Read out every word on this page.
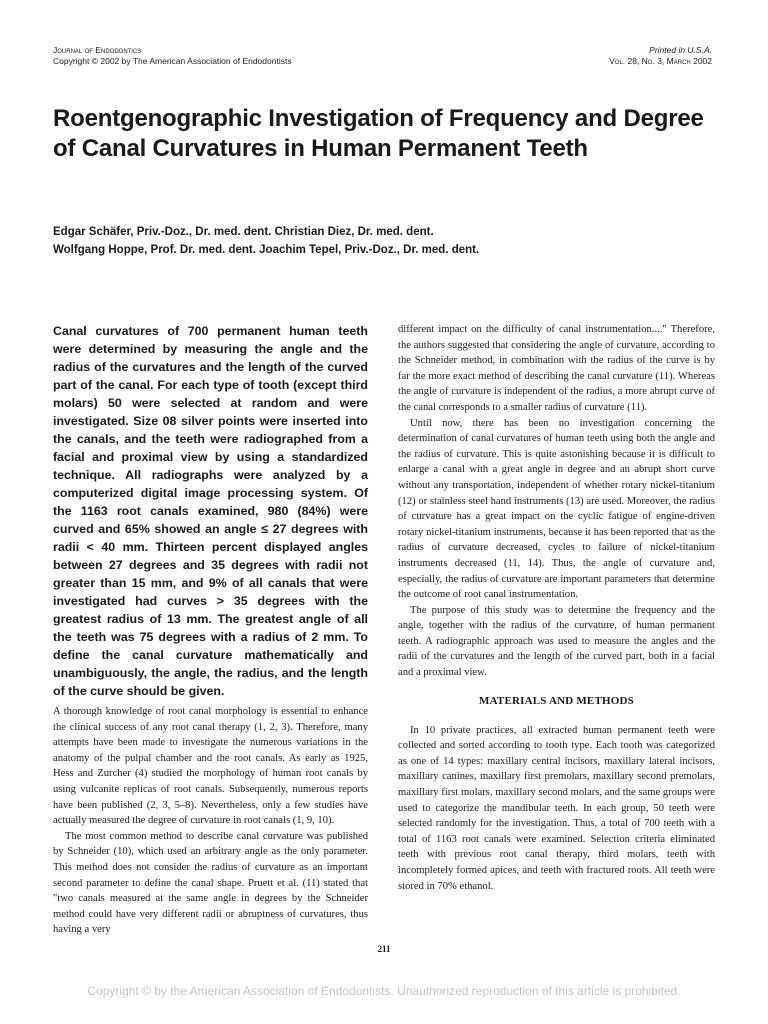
Journal of Endodontics
Copyright © 2002 by The American Association of Endodontists
Printed in U.S.A.
Vol. 28, No. 3, March 2002
Roentgenographic Investigation of Frequency and Degree of Canal Curvatures in Human Permanent Teeth
Edgar Schäfer, Priv.-Doz., Dr. med. dent. Christian Diez, Dr. med. dent.
Wolfgang Hoppe, Prof. Dr. med. dent. Joachim Tepel, Priv.-Doz., Dr. med. dent.

Canal curvatures of 700 permanent human teeth were determined by measuring the angle and the radius of the curvatures and the length of the curved part of the canal. For each type of tooth (except third molars) 50 were selected at random and were investigated. Size 08 silver points were inserted into the canals, and the teeth were radiographed from a facial and proximal view by using a standardized technique. All radiographs were analyzed by a computerized digital image processing system. Of the 1163 root canals examined, 980 (84%) were curved and 65% showed an angle ≤ 27 degrees with radii < 40 mm. Thirteen percent displayed angles between 27 degrees and 35 degrees with radii not greater than 15 mm, and 9% of all canals that were investigated had curves > 35 degrees with the greatest radius of 13 mm. The greatest angle of all the teeth was 75 degrees with a radius of 2 mm. To define the canal curvature mathematically and unambiguously, the angle, the radius, and the length of the curve should be given.

A thorough knowledge of root canal morphology is essential to enhance the clinical success of any root canal therapy (1, 2, 3). Therefore, many attempts have been made to investigate the numerous variations in the anatomy of the pulpal chamber and the root canals. As early as 1925, Hess and Zurcher (4) studied the morphology of human root canals by using vulcanite replicas of root canals. Subsequently, numerous reports have been published (2, 3, 5–8). Nevertheless, only a few studies have actually measured the degree of curvature in root canals (1, 9, 10).

The most common method to describe canal curvature was published by Schneider (10), which used an arbitrary angle as the only parameter. This method does not consider the radius of curvature as an important second parameter to define the canal shape. Pruett et al. (11) stated that "two canals measured at the same angle in degrees by the Schneider method could have very different radii or abruptness of curvatures, thus having a very

different impact on the difficulty of canal instrumentation...." Therefore, the authors suggested that considering the angle of curvature, according to the Schneider method, in combination with the radius of the curve is by far the more exact method of describing the canal curvature (11). Whereas the angle of curvature is independent of the radius, a more abrupt curve of the canal corresponds to a smaller radius of curvature (11).

Until now, there has been no investigation concerning the determination of canal curvatures of human teeth using both the angle and the radius of curvature. This is quite astonishing because it is difficult to enlarge a canal with a great angle in degree and an abrupt short curve without any transportation, independent of whether rotary nickel-titanium (12) or stainless steel hand instruments (13) are used. Moreover, the radius of curvature has a great impact on the cyclic fatigue of engine-driven rotary nickel-titanium instruments, because it has been reported that as the radius of curvature decreased, cycles to failure of nickel-titanium instruments decreased (11, 14). Thus, the angle of curvature and, especially, the radius of curvature are important parameters that determine the outcome of root canal instrumentation.

The purpose of this study was to determine the frequency and the angle, together with the radius of the curvature, of human permanent teeth. A radiographic approach was used to measure the angles and the radii of the curvatures and the length of the curved part, both in a facial and a proximal view.

MATERIALS AND METHODS

In 10 private practices, all extracted human permanent teeth were collected and sorted according to tooth type. Each tooth was categorized as one of 14 types: maxillary central incisors, maxillary lateral incisors, maxillary canines, maxillary first premolars, maxillary second premolars, maxillary first molars, maxillary second molars, and the same groups were used to categorize the mandibular teeth. In each group, 50 teeth were selected randomly for the investigation. Thus, a total of 700 teeth with a total of 1163 root canals were examined. Selection criteria eliminated teeth with previous root canal therapy, third molars, teeth with incompletely formed apices, and teeth with fractured roots. All teeth were stored in 70% ethanol.

211
Copyright © by the American Association of Endodontists. Unauthorized reproduction of this article is prohibited.
